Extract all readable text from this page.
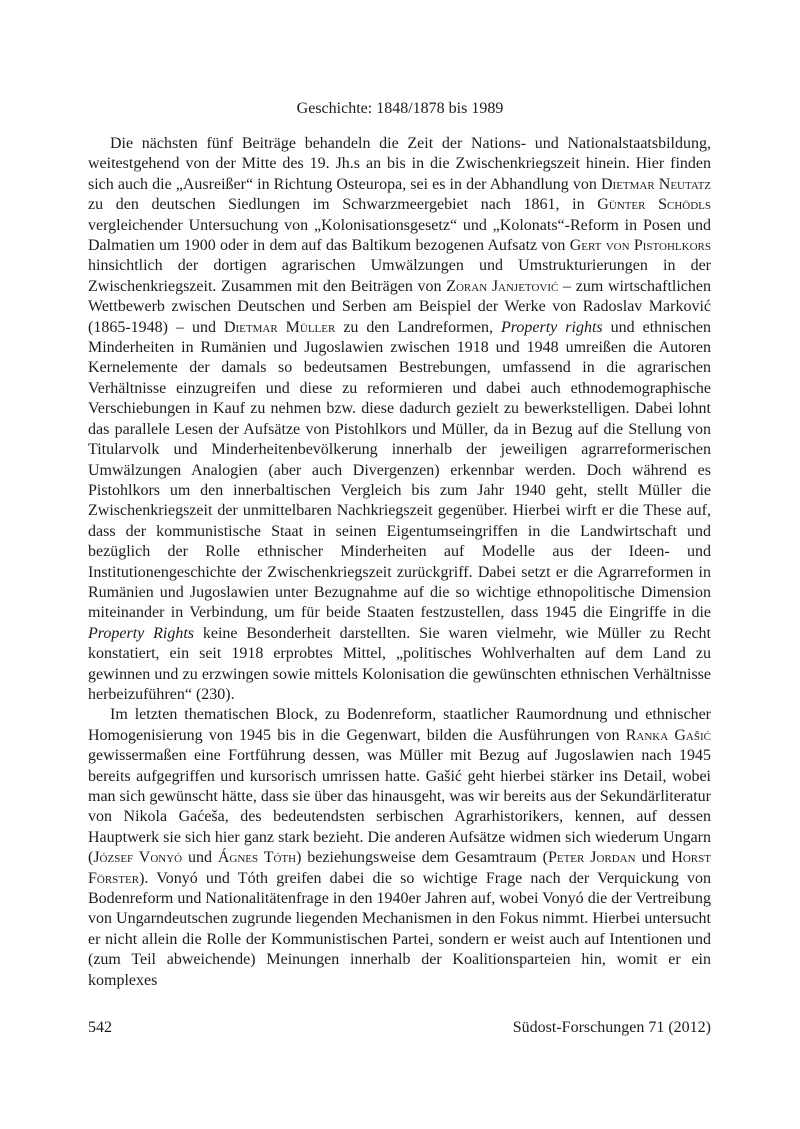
Geschichte: 1848/1878 bis 1989

Die nächsten fünf Beiträge behandeln die Zeit der Nations- und Nationalstaatsbildung, weitestgehend von der Mitte des 19. Jh.s an bis in die Zwischenkriegszeit hinein. Hier finden sich auch die „Ausreißer“ in Richtung Osteuropa, sei es in der Abhandlung von Dietmar Neutatz zu den deutschen Siedlungen im Schwarzmeergebiet nach 1861, in Günter Schödls vergleichender Untersuchung von „Kolonisationsgesetz“ und „Kolonats“-Reform in Posen und Dalmatien um 1900 oder in dem auf das Baltikum bezogenen Aufsatz von Gert von Pistohlkors hinsichtlich der dortigen agrarischen Umwälzungen und Umstrukturierungen in der Zwischenkriegszeit. Zusammen mit den Beiträgen von Zoran Janjetović – zum wirtschaftlichen Wettbewerb zwischen Deutschen und Serben am Beispiel der Werke von Radoslav Marković (1865-1948) – und Dietmar Müller zu den Landreformen, Property rights und ethnischen Minderheiten in Rumänien und Jugoslawien zwischen 1918 und 1948 umreißen die Autoren Kernelemente der damals so bedeutsamen Bestrebungen, umfassend in die agrarischen Verhältnisse einzugreifen und diese zu reformieren und dabei auch ethnodemographische Verschiebungen in Kauf zu nehmen bzw. diese dadurch gezielt zu bewerkstelligen. Dabei lohnt das parallele Lesen der Aufsätze von Pistohlkors und Müller, da in Bezug auf die Stellung von Titularvolk und Minderheitenbevölkerung innerhalb der jeweiligen agrarreformerischen Umwälzungen Analogien (aber auch Divergenzen) erkennbar werden. Doch während es Pistohlkors um den innerbaltischen Vergleich bis zum Jahr 1940 geht, stellt Müller die Zwischenkriegszeit der unmittelbaren Nachkriegszeit gegenüber. Hierbei wirft er die These auf, dass der kommunistische Staat in seinen Eigentumseingriffen in die Landwirtschaft und bezüglich der Rolle ethnischer Minderheiten auf Modelle aus der Ideen- und Institutionengeschichte der Zwischenkriegszeit zurückgriff. Dabei setzt er die Agrarreformen in Rumänien und Jugoslawien unter Bezugnahme auf die so wichtige ethnopolitische Dimension miteinander in Verbindung, um für beide Staaten festzustellen, dass 1945 die Eingriffe in die Property Rights keine Besonderheit darstellten. Sie waren vielmehr, wie Müller zu Recht konstatiert, ein seit 1918 erprobtes Mittel, „politisches Wohlverhalten auf dem Land zu gewinnen und zu erzwingen sowie mittels Kolonisation die gewünschten ethnischen Verhältnisse herbeizuführen“ (230).

Im letzten thematischen Block, zu Bodenreform, staatlicher Raumordnung und ethnischer Homogenisierung von 1945 bis in die Gegenwart, bilden die Ausführungen von Ranka Gašić gewissermaßen eine Fortführung dessen, was Müller mit Bezug auf Jugoslawien nach 1945 bereits aufgegriffen und kursorisch umrissen hatte. Gašić geht hierbei stärker ins Detail, wobei man sich gewünscht hätte, dass sie über das hinausgeht, was wir bereits aus der Sekundärliteratur von Nikola Gaćeša, des bedeutendsten serbischen Agrarhistorikers, kennen, auf dessen Hauptwerk sie sich hier ganz stark bezieht. Die anderen Aufsätze widmen sich wiederum Ungarn (József Vonyó und Ágnes Tóth) beziehungsweise dem Gesamtraum (Peter Jordan und Horst Förster). Vonyó und Tóth greifen dabei die so wichtige Frage nach der Verquickung von Bodenreform und Nationalitätenfrage in den 1940er Jahren auf, wobei Vonyó die der Vertreibung von Ungarndeutschen zugrunde liegenden Mechanismen in den Fokus nimmt. Hierbei untersucht er nicht allein die Rolle der Kommunistischen Partei, sondern er weist auch auf Intentionen und (zum Teil abweichende) Meinungen innerhalb der Koalitionsparteien hin, womit er ein komplexes

542	Südost-Forschungen 71 (2012)
